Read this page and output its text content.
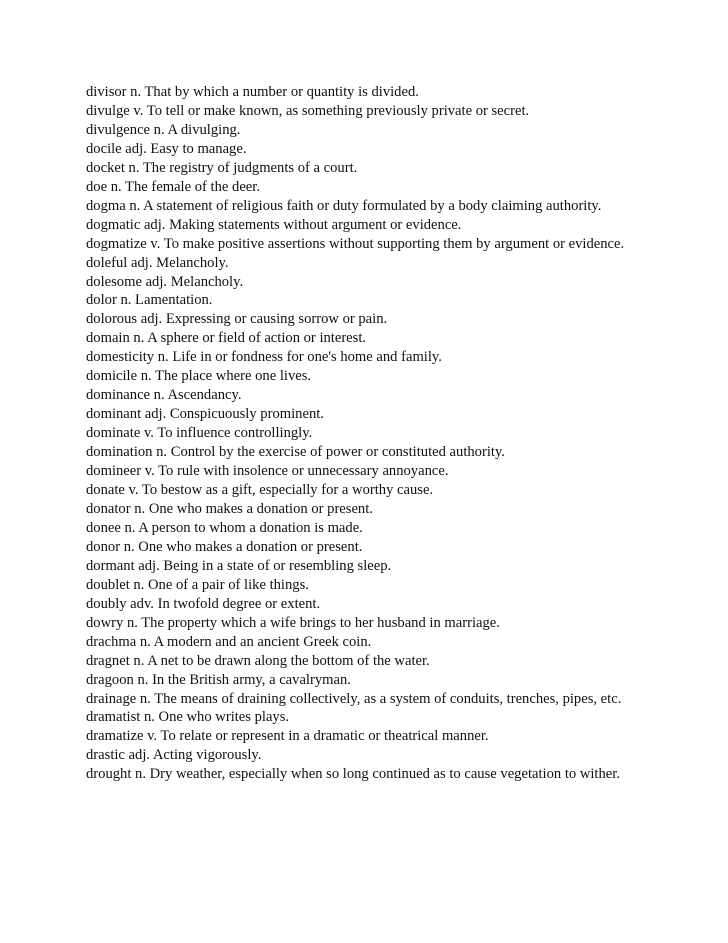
divisor n. That by which a number or quantity is divided.
divulge v. To tell or make known, as something previously private or secret.
divulgence n. A divulging.
docile adj. Easy to manage.
docket n. The registry of judgments of a court.
doe n. The female of the deer.
dogma n. A statement of religious faith or duty formulated by a body claiming authority.
dogmatic adj. Making statements without argument or evidence.
dogmatize v. To make positive assertions without supporting them by argument or evidence.
doleful adj. Melancholy.
dolesome adj. Melancholy.
dolor n. Lamentation.
dolorous adj. Expressing or causing sorrow or pain.
domain n. A sphere or field of action or interest.
domesticity n. Life in or fondness for one's home and family.
domicile n. The place where one lives.
dominance n. Ascendancy.
dominant adj. Conspicuously prominent.
dominate v. To influence controllingly.
domination n. Control by the exercise of power or constituted authority.
domineer v. To rule with insolence or unnecessary annoyance.
donate v. To bestow as a gift, especially for a worthy cause.
donator n. One who makes a donation or present.
donee n. A person to whom a donation is made.
donor n. One who makes a donation or present.
dormant adj. Being in a state of or resembling sleep.
doublet n. One of a pair of like things.
doubly adv. In twofold degree or extent.
dowry n. The property which a wife brings to her husband in marriage.
drachma n. A modern and an ancient Greek coin.
dragnet n. A net to be drawn along the bottom of the water.
dragoon n. In the British army, a cavalryman.
drainage n. The means of draining collectively, as a system of conduits, trenches, pipes, etc.
dramatist n. One who writes plays.
dramatize v. To relate or represent in a dramatic or theatrical manner.
drastic adj. Acting vigorously.
drought n. Dry weather, especially when so long continued as to cause vegetation to wither.
